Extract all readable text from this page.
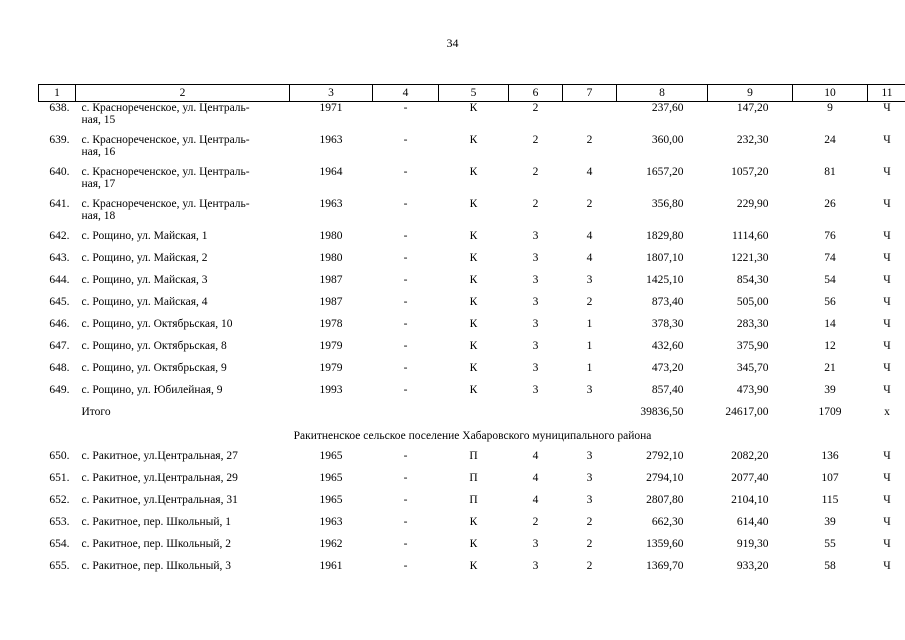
34
1	2	3	4	5	6	7	8	9	10	11
638.	с. Краснореченское, ул. Централь-
ная, 15	1971	-	К	2		237,60	147,20	9	Ч
639.	с. Краснореченское, ул. Централь-
ная, 16	1963	-	К	2	2	360,00	232,30	24	Ч
640.	с. Краснореченское, ул. Централь-
ная, 17	1964	-	К	2	4	1657,20	1057,20	81	Ч
641.	с. Краснореченское, ул. Централь-
ная, 18	1963	-	К	2	2	356,80	229,90	26	Ч
642.	с. Рощино, ул. Майская, 1	1980	-	К	3	4	1829,80	1114,60	76	Ч
643.	с. Рощино, ул. Майская, 2	1980	-	К	3	4	1807,10	1221,30	74	Ч
644.	с. Рощино, ул. Майская, 3	1987	-	К	3	3	1425,10	854,30	54	Ч
645.	с. Рощино, ул. Майская, 4	1987	-	К	3	2	873,40	505,00	56	Ч
646.	с. Рощино, ул. Октябрьская, 10	1978	-	К	3	1	378,30	283,30	14	Ч
647.	с. Рощино, ул. Октябрьская, 8	1979	-	К	3	1	432,60	375,90	12	Ч
648.	с. Рощино, ул. Октябрьская, 9	1979	-	К	3	1	473,20	345,70	21	Ч
649.	с. Рощино, ул. Юбилейная, 9	1993	-	К	3	3	857,40	473,90	39	Ч
	Итого						39836,50	24617,00	1709	х
Ракитненское сельское поселение Хабаровского муниципального района										
650.	с. Ракитное, ул.Центральная, 27	1965	-	П	4	3	2792,10	2082,20	136	Ч
651.	с. Ракитное, ул.Центральная, 29	1965	-	П	4	3	2794,10	2077,40	107	Ч
652.	с. Ракитное, ул.Центральная, 31	1965	-	П	4	3	2807,80	2104,10	115	Ч
653.	с. Ракитное, пер. Школьный, 1	1963	-	К	2	2	662,30	614,40	39	Ч
654.	с. Ракитное, пер. Школьный, 2	1962	-	К	3	2	1359,60	919,30	55	Ч
655.	с. Ракитное, пер. Школьный, 3	1961	-	К	3	2	1369,70	933,20	58	Ч
